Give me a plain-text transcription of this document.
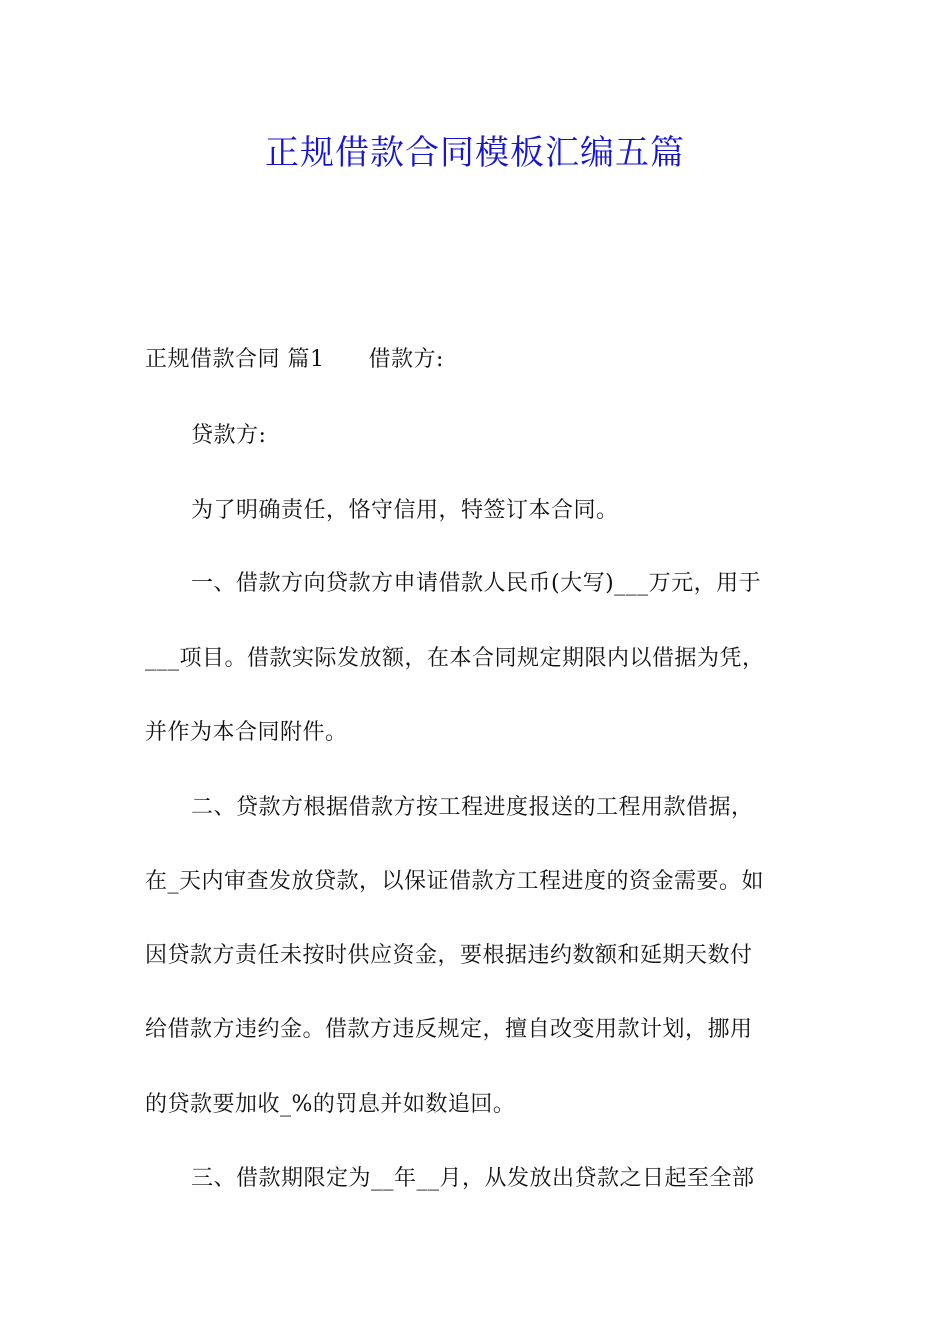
正规借款合同模板汇编五篇
正规借款合同 篇1 借款方:
贷款方:
为了明确责任，恪守信用，特签订本合同。
一、借款方向贷款方申请借款人民币(大写)___万元，用于
___项目。借款实际发放额，在本合同规定期限内以借据为凭，
并作为本合同附件。
二、贷款方根据借款方按工程进度报送的工程用款借据，
在_天内审查发放贷款，以保证借款方工程进度的资金需要。如
因贷款方责任未按时供应资金，要根据违约数额和延期天数付
给借款方违约金。借款方违反规定，擅自改变用款计划，挪用
的贷款要加收_%的罚息并如数追回。
三、借款期限定为__年__月，从发放出贷款之日起至全部
